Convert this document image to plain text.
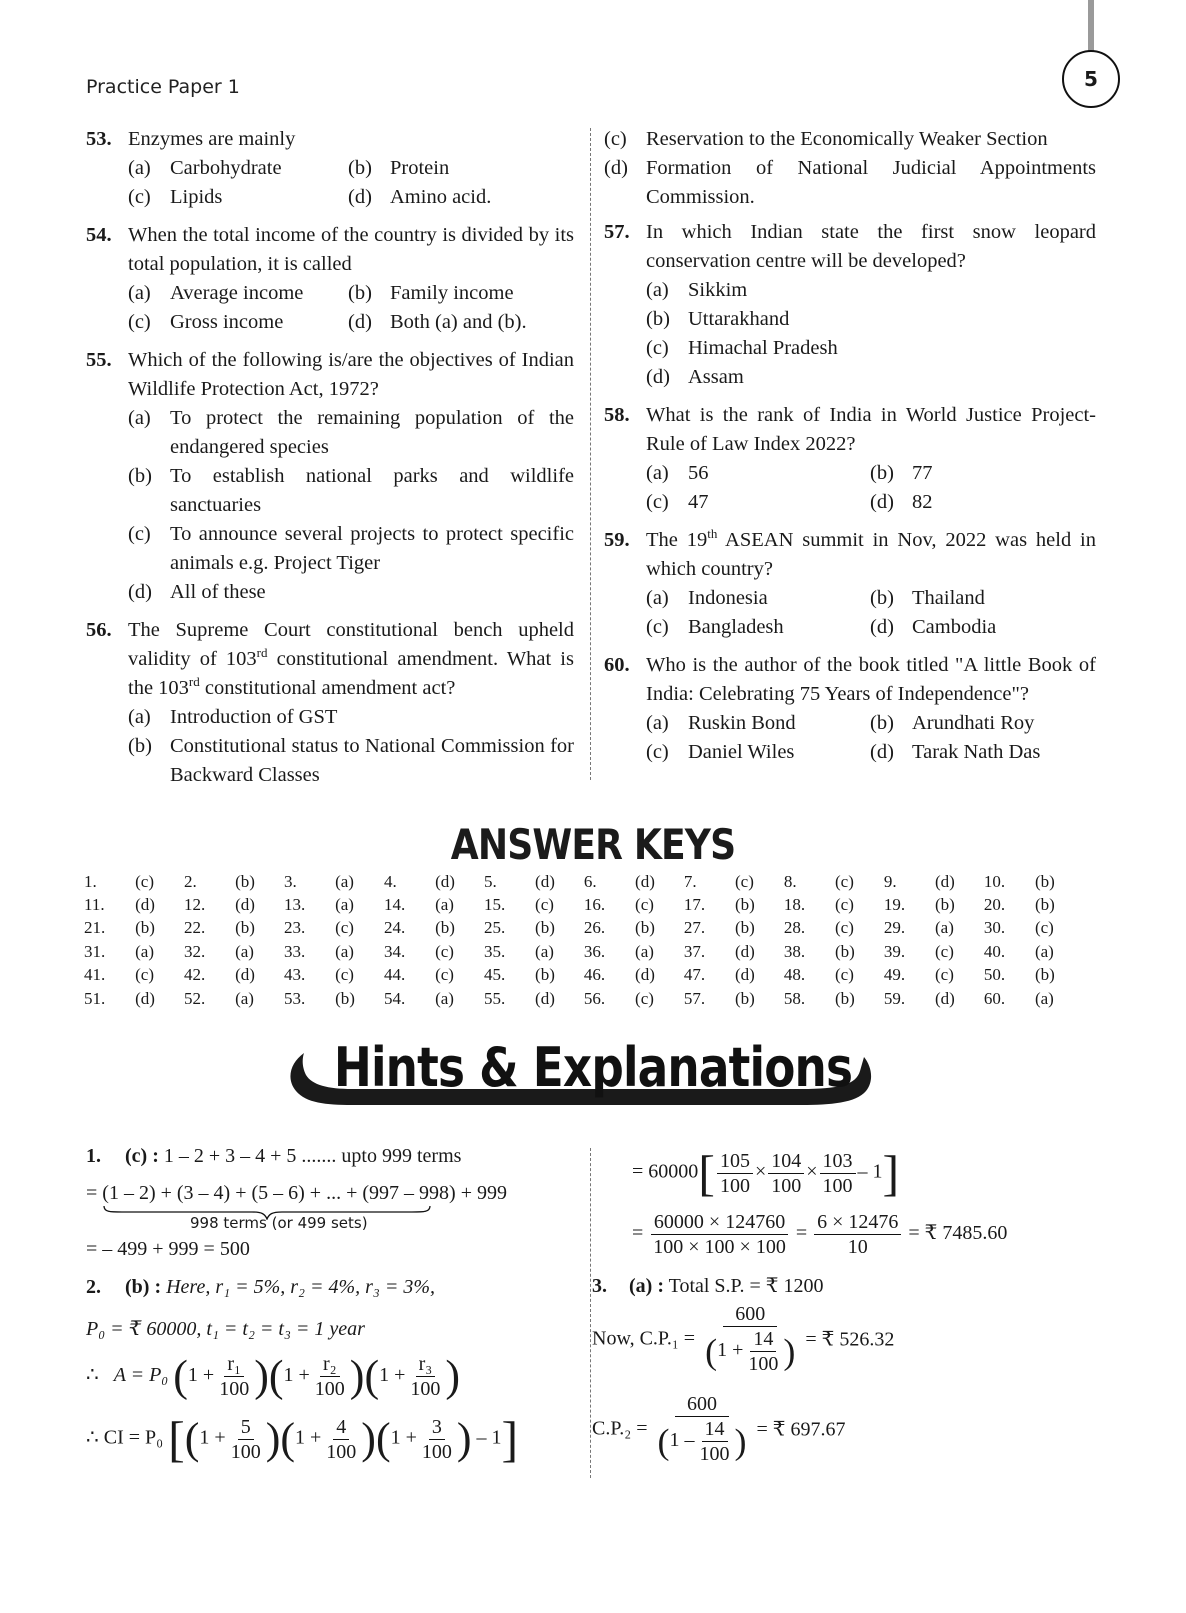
Practice Paper 1	5
53. Enzymes are mainly
(a) Carbohydrate	(b) Protein
(c) Lipids	(d) Amino acid.
54. When the total income of the country is divided by its total population, it is called
(a) Average income	(b) Family income
(c) Gross income	(d) Both (a) and (b).
55. Which of the following is/are the objectives of Indian Wildlife Protection Act, 1972?
(a) To protect the remaining population of the endangered species
(b) To establish national parks and wildlife sanctuaries
(c) To announce several projects to protect specific animals e.g. Project Tiger
(d) All of these
56. The Supreme Court constitutional bench upheld validity of 103rd constitutional amendment. What is the 103rd constitutional amendment act?
(a) Introduction of GST
(b) Constitutional status to National Commission for Backward Classes
(c) Reservation to the Economically Weaker Section
(d) Formation of National Judicial Appointments Commission.
57. In which Indian state the first snow leopard conservation centre will be developed?
(a) Sikkim
(b) Uttarakhand
(c) Himachal Pradesh
(d) Assam
58. What is the rank of India in World Justice Project-Rule of Law Index 2022?
(a) 56	(b) 77
(c) 47	(d) 82
59. The 19th ASEAN summit in Nov, 2022 was held in which country?
(a) Indonesia	(b) Thailand
(c) Bangladesh	(d) Cambodia
60. Who is the author of the book titled "A little Book of India: Celebrating 75 Years of Independence"?
(a) Ruskin Bond	(b) Arundhati Roy
(c) Daniel Wiles	(d) Tarak Nath Das
ANSWER KEYS
1.	(c)	2.	(b)	3.	(a)	4.	(d)	5.	(d)	6.	(d)	7.	(c)	8.	(c)	9.	(d)	10.	(b)
11.	(d)	12.	(d)	13.	(a)	14.	(a)	15.	(c)	16.	(c)	17.	(b)	18.	(c)	19.	(b)	20.	(b)
21.	(b)	22.	(b)	23.	(c)	24.	(b)	25.	(b)	26.	(b)	27.	(b)	28.	(c)	29.	(a)	30.	(c)
31.	(a)	32.	(a)	33.	(a)	34.	(c)	35.	(a)	36.	(a)	37.	(d)	38.	(b)	39.	(c)	40.	(a)
41.	(c)	42.	(d)	43.	(c)	44.	(c)	45.	(b)	46.	(d)	47.	(d)	48.	(c)	49.	(c)	50.	(b)
51.	(d)	52.	(a)	53.	(b)	54.	(a)	55.	(d)	56.	(c)	57.	(b)	58.	(b)	59.	(d)	60.	(a)
Hints & Explanations
1. (c) : 1 – 2 + 3 – 4 + 5 ....... upto 999 terms
= (1 – 2) + (3 – 4) + (5 – 6) + ... + (997 – 998) + 999
998 terms (or 499 sets)
= – 499 + 999 = 500
2. (b) : Here, r₁ = 5%, r₂ = 4%, r₃ = 3%,
P₀ = ₹ 60000, t₁ = t₂ = t₃ = 1 year
∴ A = P₀ $(1 + \frac{\text{r₁}}{100} )(1 + \frac{\text{r₂}}{100} )(1 + \frac{\text{r₃}}{100}$ )
∴ CI = P₀ [$(1 + \frac{5}{100} )(1 + \frac{4}{100} )(1 + \frac{3}{100}$ ) – 1]
= $60000[ \frac{105}{100} \times \frac{104}{100} \times \frac{103}{100} - 1]$
= $\frac{60000 \times 124760}{100 \times 100 \times 100} = \frac{6 \times 12476}{10}$ = ₹ 7485.60
3. (a) : Total S.P. = ₹ 1200
Now, $C.P._1 = \frac{600}{(1 + \frac{14}{100} )}$ = ₹ 526.32
$C.P._2 = \frac{600}{(1 - \frac{14}{100} )}$ = ₹ 697.67
